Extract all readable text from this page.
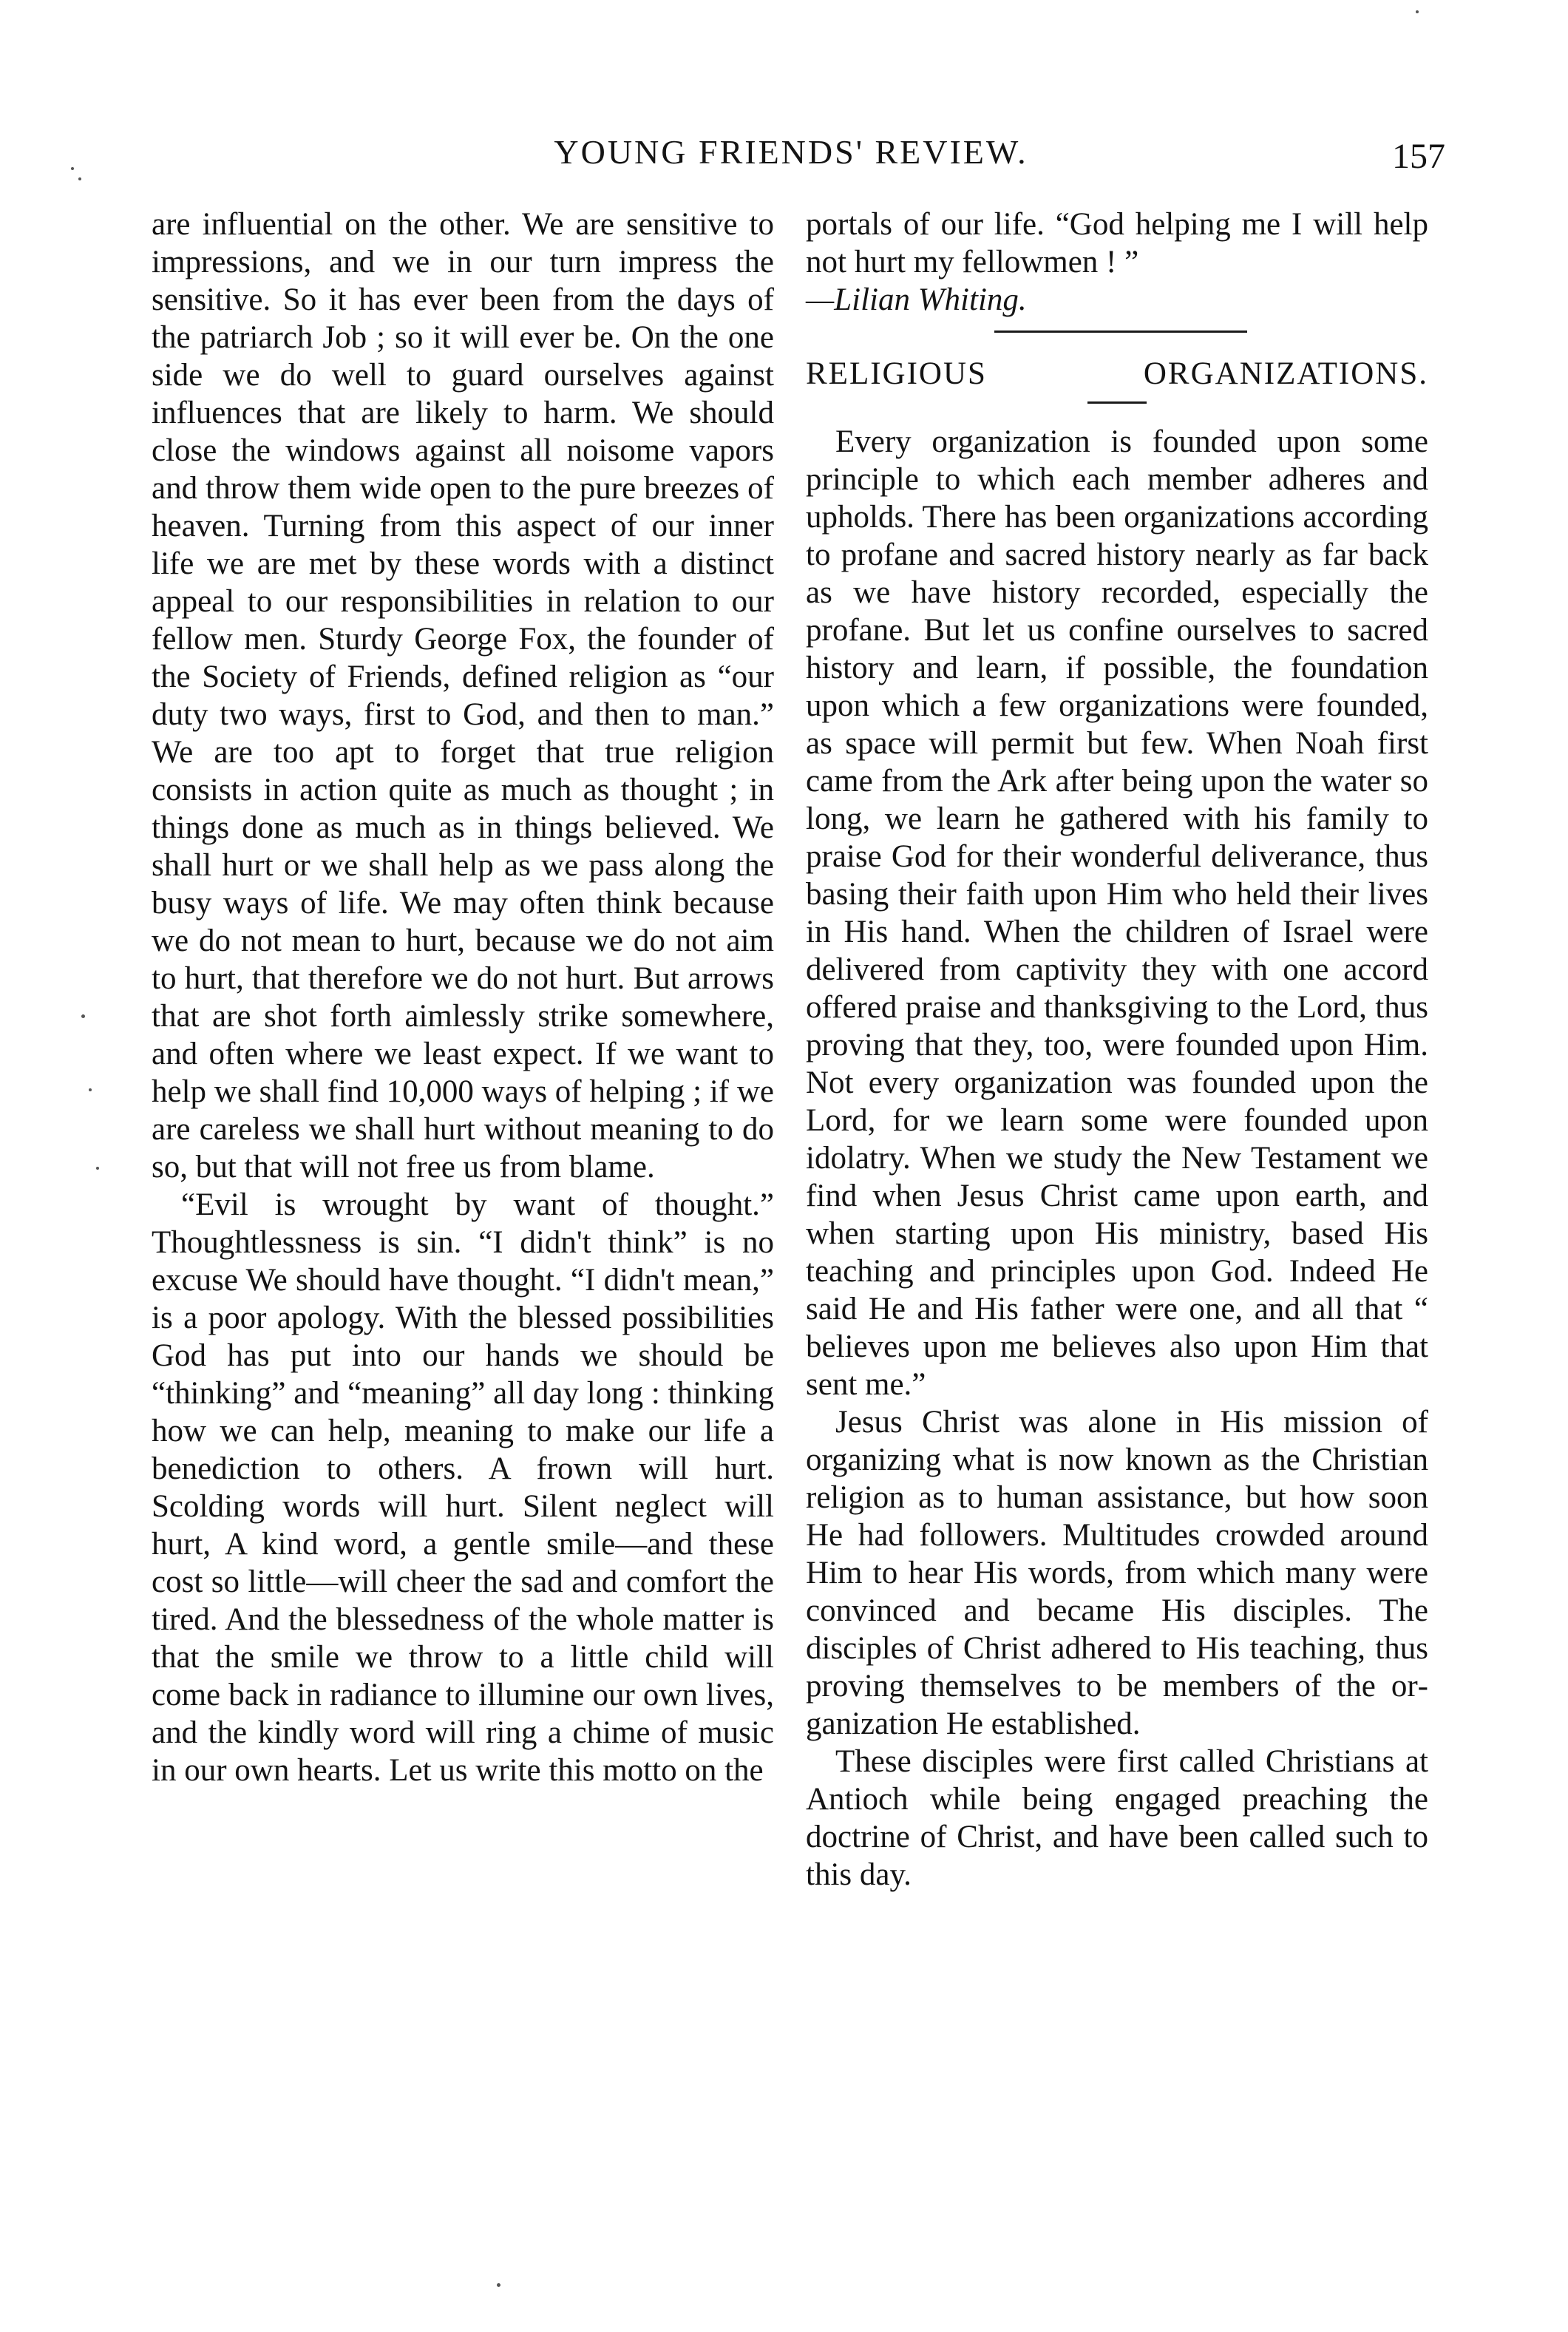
YOUNG FRIENDS' REVIEW.	157

are influential on the other. We are sensitive to impressions, and we in our turn impress the sensitive. So it has ever been from the days of the patriarch Job ; so it will ever be. On the one side we do well to guard ourselves against influences that are likely to harm. We should close the windows against all noisome vapors and throw them wide open to the pure breezes of heaven. Turning from this aspect of our inner life we are met by these words with a distinct appeal to our responsibilities in relation to our fellow men. Sturdy George Fox, the founder of the Society of Friends, defined religion as “our duty two ways, first to God, and then to man.” We are too apt to forget that true religion consists in action quite as much as thought ; in things done as much as in things believed. We shall hurt or we shall help as we pass along the busy ways of life. We may often think because we do not mean to hurt, because we do not aim to hurt, that therefore we do not hurt. But arrows that are shot forth aimlessly strike somewhere, and often where we least expect. If we want to help we shall find 10,000 ways of helping ; if we are careless we shall hurt without meaning to do so, but that will not free us from blame.

“Evil is wrought by want of thought.” Thoughtlessness is sin. “I didn't think” is no excuse We should have thought. “I didn't mean,” is a poor apology. With the blessed possibilities God has put into our hands we should be “thinking” and “meaning” all day long : thinking how we can help, meaning to make our life a benediction to others. A frown will hurt. Scolding words will hurt. Silent neglect will hurt, A kind word, a gentle smile—and these cost so little—will cheer the sad and comfort the tired. And the blessedness of the whole matter is that the smile we throw to a little child will come back in radiance to illumine our own lives, and the kindly word will ring a chime of music in our own hearts. Let us write this motto on the

portals of our life. “God helping me I will help not hurt my fellowmen ! ”

—Lilian Whiting.

RELIGIOUS	ORGANIZATIONS.

Every organization is founded upon some principle to which each member adheres and upholds. There has been organizations according to profane and sacred history nearly as far back as we have history recorded, especially the profane. But let us confine ourselves to sacred history and learn, if possible, the foundation upon which a few organizations were founded, as space will permit but few. When Noah first came from the Ark after being upon the water so long, we learn he gathered with his family to praise God for their wonderful deliverance, thus basing their faith upon Him who held their lives in His hand. When the children of Israel were delivered from captivity they with one accord offered praise and thanksgiving to the Lord, thus proving that they, too, were founded upon Him. Not every organization was founded upon the Lord, for we learn some were founded upon idolatry. When we study the New Testament we find when Jesus Christ came upon earth, and when starting upon His ministry, based His teaching and principles upon God. Indeed He said He and His father were one, and all that “ believes upon me believes also upon Him that sent me.”

Jesus Christ was alone in His mission of organizing what is now known as the Christian religion as to human assistance, but how soon He had followers. Multitudes crowded around Him to hear His words, from which many were convinced and became His disciples. The disciples of Christ adhered to His teaching, thus proving themselves to be members of the organization He established.

These disciples were first called Christians at Antioch while being engaged preaching the doctrine of Christ, and have been called such to this day.
